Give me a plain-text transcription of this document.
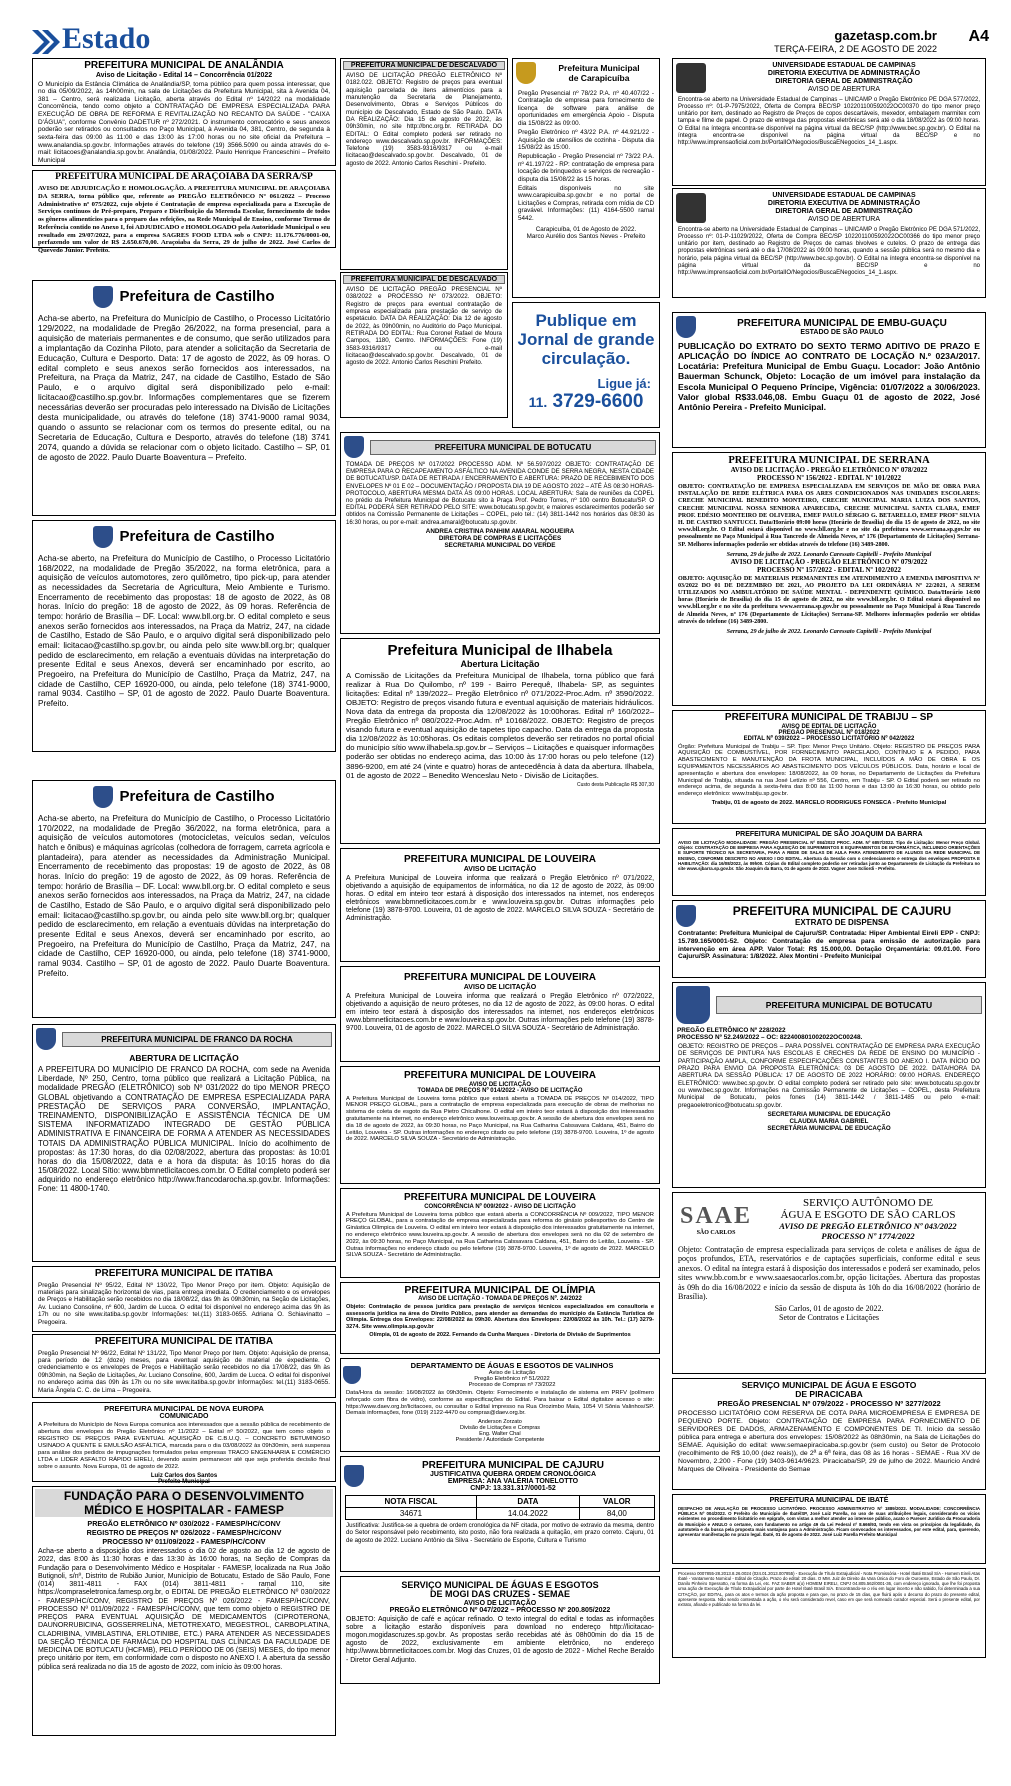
Estado	gazetasp.com.br
TERÇA-FEIRA, 2 DE AGOSTO DE 2022
A4
PREFEITURA MUNICIPAL DE ANALÂNDIA
Aviso de Licitação - Edital 14 – Concorrência 01/2022
O Município da Estância Climática de Analândia/SP, torna público para quem possa interessar, que no dia 05/09/2022, às 14h00min, na sala de Licitações da Prefeitura Municipal, sita à Avenida 04, 381 – Centro, será realizada Licitação, aberta através do Edital nº 14/2022 na modalidade Concorrência, tendo como objeto a CONTRATAÇÃO DE EMPRESA ESPECIALIZADA PARA EXECUÇÃO DE OBRA DE REFORMA E REVITALIZAÇÃO NO RECANTO DA SAÚDE - "CAIXA D'ÁGUA", conforme Convênio DADETUR nº 272/2021. O instrumento convocatório e seus anexos poderão ser retirados ou consultados no Paço Municipal, à Avenida 04, 381, Centro, de segunda à sexta-feira das 09:00 às 11:00 e das 13:00 às 17:00 horas ou no site oficial da Prefeitura – www.analandia.sp.gov.br. Informações através do telefone (19) 3566.5090 ou ainda através do e-mail: licitacoes@analandia.sp.gov.br. Analândia, 01/08/2022. Paulo Henrique Franceschini – Prefeito Municipal
PREFEITURA MUNICIPAL DE ARAÇOIABA DA SERRA/SP
AVISO DE ADJUDICAÇÃO E HOMOLOGAÇÃO. A PREFEITURA MUNICIPAL DE ARAÇOIABA DA SERRA, torna público que, referente ao PREGÃO ELETRÔNICO Nº 061/2022 – Processo Administrativo nº 075/2022, cujo objeto é Contratação de empresa especializada para a Execução de Serviços contínuos de Pré-preparo, Preparo e Distribuição da Merenda Escolar, fornecimento de todos os gêneros alimentícios para o preparo das refeições, na Rede Municipal de Ensino, conforme Termo de Referência contido no Anexo I, foi ADJUDICADO e HOMOLOGADO pela Autoridade Municipal o seu resultado em 29/07/2022, para a empresa SAGRES FOOD LTDA sob o CNPJ: 11.176.776/0001-00, perfazendo um valor de R$ 2.650.670,00. Araçoiaba da Serra, 29 de julho de 2022. José Carlos de Quevedo Júnior. Prefeito.
Prefeitura de Castilho
Acha-se aberto, na Prefeitura do Município de Castilho, o Processo Licitatório 129/2022, na modalidade de Pregão 26/2022, na forma presencial, para a aquisição de materiais permanentes e de consumo, que serão utilizados para a implantação da Cozinha Piloto, para atender a solicitação da Secretaria de Educação, Cultura e Desporto. Data: 17 de agosto de 2022, às 09 horas. O edital completo e seus anexos serão fornecidos aos interessados, na Prefeitura, na Praça da Matriz, 247, na cidade de Castilho, Estado de São Paulo, e o arquivo digital será disponibilizado pelo e-mail: licitacao@castilho.sp.gov.br. Informações complementares que se fizerem necessárias deverão ser procuradas pelo interessado na Divisão de Licitações desta municipalidade, ou através do telefone (18) 3741-9000 ramal 9034, quando o assunto se relacionar com os termos do presente edital, ou na Secretaria de Educação, Cultura e Desporto, através do telefone (18) 3741 2074, quando a dúvida se relacionar com o objeto licitado. Castilho – SP, 01 de agosto de 2022. Paulo Duarte Boaventura – Prefeito.
Prefeitura de Castilho
Acha-se aberto, na Prefeitura do Município de Castilho, o Processo Licitatório 168/2022, na modalidade de Pregão 35/2022, na forma eletrônica, para a aquisição de veículos automotores, zero quilômetro, tipo pick-up, para atender as necessidades da Secretaria de Agricultura, Meio Ambiente e Turismo. Encerramento de recebimento das propostas: 18 de agosto de 2022, às 08 horas. Início do pregão: 18 de agosto de 2022, às 09 horas. Referência de tempo: horário de Brasília – DF. Local: www.bll.org.br. O edital completo e seus anexos serão fornecidos aos interessados, na Praça da Matriz, 247, na cidade de Castilho, Estado de São Paulo, e o arquivo digital será disponibilizado pelo email: licitacao@castilho.sp.gov.br, ou ainda pelo site www.bll.org.br; qualquer pedido de esclarecimento, em relação a eventuais dúvidas na interpretação do presente Edital e seus Anexos, deverá ser encaminhado por escrito, ao Pregoeiro, na Prefeitura do Município de Castilho, Praça da Matriz, 247, na cidade de Castilho, CEP 16920-000, ou ainda, pelo telefone (18) 3741-9000, ramal 9034. Castilho – SP, 01 de agosto de 2022. Paulo Duarte Boaventura. Prefeito.
Prefeitura de Castilho
Acha-se aberto, na Prefeitura do Município de Castilho, o Processo Licitatório 170/2022, na modalidade de Pregão 36/2022, na forma eletrônica, para a aquisição de veículos automotores (motocicletas, veículos sedan, veículos hatch e ônibus) e máquinas agrícolas (colhedora de forragem, carreta agrícola e plantadeira), para atender as necessidades da Administração Municipal. Encerramento de recebimento das propostas: 19 de agosto de 2022, às 08 horas. Início do pregão: 19 de agosto de 2022, às 09 horas. Referência de tempo: horário de Brasília – DF. Local: www.bll.org.br. O edital completo e seus anexos serão fornecidos aos interessados, na Praça da Matriz, 247, na cidade de Castilho, Estado de São Paulo, e o arquivo digital será disponibilizado pelo email: licitacao@castilho.sp.gov.br, ou ainda pelo site www.bll.org.br; qualquer pedido de esclarecimento, em relação a eventuais dúvidas na interpretação do presente Edital e seus Anexos, deverá ser encaminhado por escrito, ao Pregoeiro, na Prefeitura do Município de Castilho, Praça da Matriz, 247, na cidade de Castilho, CEP 16920-000, ou ainda, pelo telefone (18) 3741-9000, ramal 9034. Castilho – SP, 01 de agosto de 2022. Paulo Duarte Boaventura. Prefeito.
PREFEITURA MUNICIPAL DE FRANCO DA ROCHA
ABERTURA DE LICITAÇÃO
A PREFEITURA DO MUNICÍPIO DE FRANCO DA ROCHA, com sede na Avenida Liberdade, Nº 250, Centro, torna público que realizará a Licitação Pública, na modalidade PREGÃO (ELETRÔNICO) sob Nº 031/2022 do tipo MENOR PREÇO GLOBAL objetivando a CONTRATAÇÃO DE EMPRESA ESPECIALIZADA PARA PRESTAÇÃO DE SERVIÇOS PARA CONVERSÃO, IMPLANTAÇÃO, TREINAMENTO, DISPONIBILIZAÇÃO E ASSISTÊNCIA TÉCNICA DE UM SISTEMA INFORMATIZADO INTEGRADO DE GESTÃO PÚBLICA ADMINISTRATIVA E FINANCEIRA DE FORMA A ATENDER AS NECESSIDADES TOTAIS DA ADMINISTRAÇÃO PÚBLICA MUNICIPAL. Início do acolhimento de propostas: às 17:30 horas, do dia 02/08/2022, abertura das propostas: às 10:01 horas do dia 15/08/2022, data e a hora da disputa: às 10:15 horas do dia 15/08/2022. Local Sítio: www.bbmnetlicitacoes.com.br. O Edital completo poderá ser adquirido no endereço eletrônico http://www.francodarocha.sp.gov.br. Informações: Fone: 11 4800-1740.
PREFEITURA MUNICIPAL DE ITATIBA
Pregão Presencial Nº 95/22, Edital Nº 130/22, Tipo Menor Preço por item. Objeto: Aquisição de materiais para sinalização horizontal de vias, para entrega imediata. O credenciamento e os envelopes de Preços e Habilitação serão recebidos no dia 18/08/22, das 9h às 09h30min, na Seção de Licitações, Av. Luciano Consoline, nº 600, Jardim de Lucca. O edital foi disponível no endereço acima das 9h às 17h ou no site www.itatiba.sp.gov.br Informações: tel.(11) 3183-0655. Adriana O. Schiavinatto – Pregoeira.
PREFEITURA MUNICIPAL DE ITATIBA
Pregão Presencial Nº 96/22, Edital Nº 131/22, Tipo Menor Preço por Item. Objeto: Aquisição de prensa, para período de 12 (doze) meses, para eventual aquisição de material de expediente. O credenciamento e os envelopes de Preços e Habilitação serão recebidos no dia 17/08/22, das 9h às 09h30min, na Seção de Licitações, Av. Luciano Consoline, 600, Jardim de Lucca. O edital foi disponível no endereço acima das 09h às 17h ou no site www.itatiba.sp.gov.br Informações: tel.(11) 3183-0655. Maria Ângela C. C. de Lima – Pregoeira.
PREFEITURA MUNICIPAL DE NOVA EUROPA
COMUNICADO
A Prefeitura do Município de Nova Europa comunica aos interessados que a sessão pública de recebimento de abertura dos envelopes do Pregão Eletrônico nº 11/2022 – Edital nº 50/2022, que tem como objeto o REGISTRO DE PREÇOS PARA EVENTUAL AQUISIÇÃO DE C.B.U.Q. – CONCRETO BETUMINOSO USINADO A QUENTE E EMULSÃO ASFÁLTICA, marcada para o dia 03/08/2022 às 09h30min, será suspensa para análise dos pedidos de impugnações formulados pelas empresas TRACO ENGENHARIA E COMÉRCIO LTDA e LIDER ASFALTO RÁPIDO EIRELI, devendo assim permanecer até que seja proferida decisão final sobre o assunto. Nova Europa, 01 de agosto de 2022.
Luiz Carlos dos Santos
Prefeito Municipal
FUNDAÇÃO PARA O DESENVOLVIMENTO
MÉDICO E HOSPITALAR - FAMESP
PREGÃO ELETRÔNICO Nº 030/2022 - FAMESP/HC/CONV
REGISTRO DE PREÇOS Nº 026/2022 - FAMESP/HC/CONV
PROCESSO Nº 011/09/2022 - FAMESP/HC/CONV
Acha-se aberto a disposição dos interessados o dia 02 de agosto ao dia 12 de agosto de 2022, das 8:00 às 11:30 horas e das 13:30 às 16:00 horas, na Seção de Compras da Fundação para o Desenvolvimento Médico e Hospitalar - FAMESP, localizada na Rua João Butignoli, s/nº, Distrito de Rubião Junior, Município de Botucatu, Estado de São Paulo, Fone (014) 3811-4811 - FAX (014) 3811-4811 - ramal 110, site https://compraseletronica.famesp.org.br, o EDITAL DE PREGÃO ELETRÔNICO Nº 030/2022 - FAMESP/HC/CONV, REGISTRO DE PREÇOS Nº 026/2022 - FAMESP/HC/CONV, PROCESSO Nº 011/09/2022 - FAMESP/HC/CONV, que tem como objeto o REGISTRO DE PREÇOS PARA EVENTUAL AQUISIÇÃO DE MEDICAMENTOS (CIPROTERONA, DAUNORRUBICINA, GOSSERRELINA, METOTREXATO, MEGESTROL, CARBOPLATINA, CLADRIBINA, VIMBLASTINA, ERLOTINIBE, ETC.) PARA ATENDER AS NECESSIDADES DA SEÇÃO TÉCNICA DE FARMÁCIA DO HOSPITAL DAS CLÍNICAS DA FACULDADE DE MEDICINA DE BOTUCATU (HCFMB), PELO PERÍODO DE 06 (SEIS) MESES, do tipo menor preço unitário por item, em conformidade com o disposto no ANEXO I. A abertura da sessão pública será realizada no dia 15 de agosto de 2022, com início às 09:00 horas.
PREFEITURA MUNICIPAL DE DESCALVADO
AVISO DE LICITAÇÃO PREGÃO ELETRÔNICO Nº 0182.022. OBJETO: Registro de preços para eventual aquisição parcelada de itens alimentícios para a manutenção da Secretaria de Planejamento, Desenvolvimento, Obras e Serviços Públicos do município de Descalvado, Estado de São Paulo. DATA DA REALIZAÇÃO: Dia 15 de agosto de 2022, às 09h30min, no site http://bnc.org.br. RETIRADA DO EDITAL: O Edital completo poderá ser retirado no endereço www.descalvado.sp.gov.br. INFORMAÇÕES: Telefone (19) 3583-9316/9317 ou e-mail licitacao@descalvado.sp.gov.br. Descalvado, 01 de agosto de 2022. Antonio Carlos Reschini - Prefeito.
PREFEITURA MUNICIPAL DE DESCALVADO
AVISO DE LICITAÇÃO PREGÃO PRESENCIAL Nº 038/2022 e PROCESSO Nº 073/2022. OBJETO: Registro de preços para eventual contratação de empresa especializada para prestação de serviço de espetáculo. DATA DA REALIZAÇÃO: Dia 12 de agosto de 2022, às 09h00min, no Auditório do Paço Municipal. RETIRADA DO EDITAL: Rua Coronel Rafael de Moura Campos, 1180, Centro. INFORMAÇÕES: Fone (19) 3583-9316/9317 ou e-mail licitacao@descalvado.sp.gov.br. Descalvado, 01 de agosto de 2022. Antonio Carlos Reschini Prefeito.
Prefeitura Municipal
de Carapicuíba
Pregão Presencial nº 78/22 P.A. nº 40.407/22 - Contratação de empresa para fornecimento de licença de software para análise de oportunidades em emergência Apoio - Disputa dia 15/08/22 às 09:00.
Pregão Eletrônico nº 43/22 P.A. nº 44.921/22 - Aquisição de utensílios de cozinha - Disputa dia 15/08/22 às 15:00.
Republicação - Pregão Presencial nº 73/22 P.A. nº 41.197/22 - RP: contratação de empresa para locação de brinquedos e serviços de recreação - disputa dia 15/08/22 às 15 horas.
Editais disponíveis no site www.carapicuiba.sp.gov.br e no portal de Licitações e Compras, retirada com mídia de CD gravável. Informações: (11) 4164-5500 ramal 5442.
Carapicuíba, 01 de Agosto de 2022.
Marco Aurélio dos Santos Neves - Prefeito
Publique em
Jornal de grande
circulação.
Ligue já:
11. 3729-6600
PREFEITURA MUNICIPAL DE BOTUCATU
TOMADA DE PREÇOS Nº 017/2022 PROCESSO ADM. Nº 56.597/2022 OBJETO: CONTRATAÇÃO DE EMPRESA PARA O RECAPEAMENTO ASFÁLTICO NA AVENIDA CONDE DE SERRA NEGRA, NESTA CIDADE DE BOTUCATU/SP. DATA DE RETIRADA / ENCERRAMENTO E ABERTURA: PRAZO DE RECEBIMENTO DOS ENVELOPES Nº 01 E 02 – DOCUMENTAÇÃO / PROPOSTA DIA 19 DE AGOSTO 2022 – ATÉ ÀS 08:30 HORAS-PROTOCOLO, ABERTURA MESMA DATA ÀS 09:00 HORAS. LOCAL ABERTURA: Sala de reuniões da COPEL no prédio da Prefeitura Municipal de Botucatu sito à Praça Prof. Pedro Torres, nº 100 centro Botucatu/SP. O EDITAL PODERÁ SER RETIRADO PELO SITE: www.botucatu.sp.gov.br, e maiores esclarecimentos poderão ser obtidos na Comissão Permanente de Licitações – COPEL, pelo tel.: (14) 3811-1442 nos horários das 08:30 às 16:30 horas, ou por e-mail: andrea.amaral@botucatu.sp.gov.br.
ANDREA CRISTINA PANHIM AMARAL NOGUEIRA
DIRETORA DE COMPRAS E LICITAÇÕES
SECRETARIA MUNICIPAL DO VERDE
Prefeitura Municipal de Ilhabela
Abertura Licitação
A Comissão de Licitações da Prefeitura Municipal de Ilhabela, torna público que fará realizar à Rua Do Quilombo, nº 199 - Bairro Perequê, Ilhabela- SP, as seguintes licitações: Edital nº 139/2022– Pregão Eletrônico nº 071/2022-Proc.Adm. nº 3590/2022. OBJETO: Registro de preços visando futura e eventual aquisição de materiais hidráulicos. Nova data da entrega da proposta dia 12/08/2022 às 10:00horas. Edital nº 160/2022– Pregão Eletrônico nº 080/2022-Proc.Adm. nº 10168/2022. OBJETO: Registro de preços visando futura e eventual aquisição de tapetes tipo capacho. Data da entrega da proposta dia 12/08/2022 às 10:05horas. Os editais completos deverão ser retirados no portal oficial do município sítio www.ilhabela.sp.gov.br – Serviços – Licitações e quaisquer informações poderão ser obtidas no endereço acima, das 10:00 às 17:00 horas ou pelo telefone (12) 3896-9200, em até 24 (vinte e quatro) horas de antecedência à data da abertura. Ilhabela, 01 de agosto de 2022 – Benedito Wenceslau Neto - Divisão de Licitações.
Custo desta Publicação R$ 307,30
PREFEITURA MUNICIPAL DE LOUVEIRA
AVISO DE LICITAÇÃO
A Prefeitura Municipal de Louveira informa que realizará o Pregão Eletrônico nº 071/2022, objetivando a aquisição de equipamentos de informática, no dia 12 de agosto de 2022, às 09:00 horas. O edital em inteiro teor estará à disposição dos interessados na internet, nos endereços eletrônicos www.bbmnetlicitacoes.com.br e www.louveira.sp.gov.br. Outras informações pelo telefone (19) 3878-9700. Louveira, 01 de agosto de 2022. MARCELO SILVA SOUZA - Secretário de Administração.
PREFEITURA MUNICIPAL DE LOUVEIRA
AVISO DE LICITAÇÃO
A Prefeitura Municipal de Louveira informa que realizará o Pregão Eletrônico nº 072/2022, objetivando a aquisição de neuro próteses, no dia 12 de agosto de 2022, às 09:00 horas. O edital em inteiro teor estará à disposição dos interessados na internet, nos endereços eletrônicos www.bbmnetlicitacoes.com.br e www.louveira.sp.gov.br. Outras informações pelo telefone (19) 3878-9700. Louveira, 01 de agosto de 2022. MARCELO SILVA SOUZA - Secretário de Administração.
PREFEITURA MUNICIPAL DE LOUVEIRA
AVISO DE LICITAÇÃO
TOMADA DE PREÇOS Nº 014/2022 - AVISO DE LICITAÇÃO
A Prefeitura Municipal de Louveira torna público que estará aberta a TOMADA DE PREÇOS Nº 014/2022, TIPO MENOR PREÇO GLOBAL, para a contratação de empresa especializada para execução de obras de melhorias no sistema de coleta de esgoto da Rua Pietro Chicalhone. O edital em inteiro teor estará à disposição dos interessados gratuitamente na internet, no endereço eletrônico www.louveira.sp.gov.br. A sessão de abertura dos envelopes será no dia 18 de agosto de 2022, às 09:30 horas, no Paço Municipal, na Rua Catharina Calssavara Caldana, 451, Bairro do Leitão, Louveira - SP. Outras informações no endereço citado ou pelo telefone (19) 3878-9700. Louveira, 1º de agosto de 2022. MARCELO SILVA SOUZA - Secretário de Administração.
PREFEITURA MUNICIPAL DE LOUVEIRA
CONCORRÊNCIA Nº 009/2022 - AVISO DE LICITAÇÃO
A Prefeitura Municipal de Louveira torna público que estará aberta a CONCORRÊNCIA Nº 009/2022, TIPO MENOR PREÇO GLOBAL, para a contratação de empresa especializada para reforma do ginásio poliesportivo do Centro de Ginástica Olímpica de Louveira. O edital em inteiro teor estará à disposição dos interessados gratuitamente na internet, no endereço eletrônico www.louveira.sp.gov.br. A sessão de abertura dos envelopes será no dia 02 de setembro de 2022, às 09:30 horas, no Paço Municipal, na Rua Catharina Calssavara Caldana, 451, Bairro do Leitão, Louveira - SP. Outras informações no endereço citado ou pelo telefone (19) 3878-9700. Louveira, 1º de agosto de 2022. MARCELO SILVA SOUZA - Secretário de Administração.
PREFEITURA MUNICIPAL DE OLÍMPIA
AVISO DE LICITAÇÃO - TOMADA DE PREÇOS Nº. 24/2022
Objeto: Contratação de pessoa jurídica para prestação de serviços técnicos especializados em consultoria e assessoria jurídica na área do Direito Público, para atender as demandas do município da Estância Turística de Olímpia. Entrega dos Envelopes: 22/08/2022 às 09h30. Abertura dos Envelopes: 22/08/2022 às 10h. Tel.: (17) 3279-3274. Site www.olimpia.sp.gov.br
Olímpia, 01 de agosto de 2022. Fernando da Cunha Marques - Diretoria de Divisão de Suprimentos
DEPARTAMENTO DE ÁGUAS E ESGOTOS DE VALINHOS
Aviso de Licitação
Pregão Eletrônico nº 51/2022
Processo de Compras nº 73/2022
Data/Hora da sessão: 16/08/2022 às 09h30min. Objeto: Fornecimento e instalação de sistema em PRFV (polímero reforçado com fibra de vidro), conforme as especificações do Edital. Para baixar o Edital digitalize acesso o site: https://www.daev.org.br/licitacoes, ou consultar o Edital impresso na Rua Orozimbo Maia, 1054 Vl Sônia Valinhos/SP. Demais informações, fone (019) 2122-4470 ou compras@daev.org.br.
Anderson Zorzato
Divisão de Licitações e Compras
Eng. Walter Chaí
Presidente / Autoridade Competente
PREFEITURA MUNICIPAL DE CAJURU
JUSTIFICATIVA QUEBRA ORDEM CRONOLÓGICA
EMPRESA: ANA VALÉRIA TONELOTTO
CNPJ: 13.331.317/0001-52
NOTA FISCAL	DATA	VALOR
34671	14.04.2022	84,00
Justificativa: Justifica-se a quebra de ordem cronológica da NF citada, por motivo de extravio da mesma, dentro do Setor responsável pelo recebimento, isto posto, não fora realizada a quitação, em prazo correto. Cajuru, 01 de agosto de 2022. Luciano Antônio da Silva - Secretário de Esporte, Cultura e Turismo
SERVIÇO MUNICIPAL DE ÁGUAS E ESGOTOS
DE MOGI DAS CRUZES - SEMAE
AVISO DE LICITAÇÃO
PREGÃO ELETRÔNICO Nº 047/2022 – PROCESSO Nº 200.805/2022
OBJETO: Aquisição de café e açúcar refinado. O texto integral do edital e todas as informações sobre a licitação estarão disponíveis para download no endereço http://licitacao-mogon.mogidascruzes.sp.gov.br. As propostas serão recebidas até às 08h00min do dia 15 de agosto de 2022, exclusivamente em ambiente eletrônico, no endereço http://www.bbmnetlicitacoes.com.br. Mogi das Cruzes, 01 de agosto de 2022 - Michel Reche Beraldo - Diretor Geral Adjunto.
UNIVERSIDADE ESTADUAL DE CAMPINAS
DIRETORIA EXECUTIVA DE ADMINISTRAÇÃO
DIRETORIA GERAL DE ADMINISTRAÇÃO
AVISO DE ABERTURA
Encontra-se aberto na Universidade Estadual de Campinas – UNICAMP o Pregão Eletrônico PE DGA 577/2022, Processo nº: 01-P-7975/2022, Oferta de Compra BEC/SP 102201100592022OC00370 do tipo menor preço unitário por item, destinado ao Registro de Preços de copos descartáveis, mexedor, embalagem marmitex com tampa e filme de papel. O prazo de entrega das propostas eletrônicas será até o dia 18/08/2022 às 09:00 horas. O Edital na íntegra encontra-se disponível na página virtual da BEC/SP (http://www.bec.sp.gov.br). O Edital na íntegra encontra-se disponível na página virtual da BEC/SP e no http://www.imprensaoficial.com.br/PortalIO/Negocios/BuscaENegocios_14_1.aspx.
UNIVERSIDADE ESTADUAL DE CAMPINAS
DIRETORIA EXECUTIVA DE ADMINISTRAÇÃO
DIRETORIA GERAL DE ADMINISTRAÇÃO
AVISO DE ABERTURA
Encontra-se aberto na Universidade Estadual de Campinas – UNICAMP o Pregão Eletrônico PE DGA 571/2022, Processo nº: 01-P-11029/2022, Oferta de Compra BEC/SP 102201100592022OC00366 do tipo menor preço unitário por item, destinado ao Registro de Preços de camas bivolves e cutelos. O prazo de entrega das propostas eletrônicas será até o dia 17/08/2022 às 09:00 horas, quando a sessão pública será no mesmo dia e horário, pela página virtual da BEC/SP (http://www.bec.sp.gov.br). O Edital na íntegra encontra-se disponível na página virtual da BEC/SP e no http://www.imprensaoficial.com.br/PortalIO/Negocios/BuscaENegocios_14_1.aspx.
PREFEITURA MUNICIPAL DE EMBU-GUAÇU
ESTADO DE SÃO PAULO
PUBLICAÇÃO DO EXTRATO DO SEXTO TERMO ADITIVO DE PRAZO E APLICAÇÃO DO ÍNDICE AO CONTRATO DE LOCAÇÃO N.º 023A/2017. Locatária: Prefeitura Municipal de Embu Guaçu. Locador: João Antônio Bauerman Schunck, Objeto: Locação de um imóvel para instalação da Escola Municipal O Pequeno Príncipe, Vigência: 01/07/2022 a 30/06/2023. Valor global R$33.046,08. Embu Guaçu 01 de agosto de 2022, José Antônio Pereira - Prefeito Municipal.
PREFEITURA MUNICIPAL DE SERRANA
AVISO DE LICITAÇÃO - PREGÃO ELETRÔNICO Nº 078/2022
PROCESSO Nº 156/2022 - EDITAL Nº 101/2022
OBJETO: CONTRATAÇÃO DE EMPRESA ESPECIALIZADA EM SERVIÇOS DE MÃO DE OBRA PARA INSTALAÇÃO DE REDE ELÉTRICA PARA OS ARES CONDICIONADOS NAS UNIDADES ESCOLARES: CRECHE MUNICIPAL BENEDITO MONTEIRO, CRECHE MUNICIPAL MARIA LUIZA DOS SANTOS, CRECHE MUNICIPAL NOSSA SENHORA APARECIDA, CRECHE MUNICIPAL SANTA CLARA, EMEF PROF. EDÉSIO MONTEIRO DE OLIVEIRA, EMEF PAULO SÉRGIO G. BETARELLO, EMEF PROFª SILVIA H. DE CASTRO SANTUCCI. Data/Horário 09:00 horas (Horário de Brasília) do dia 15 de agosto de 2022, no site www.bll.org.br. O Edital estará disponível no www.bll.org.br e no site da prefeitura www.serrana.sp.gov.br ou pessoalmente no Paço Municipal à Rua Tancredo de Almeida Neves, nº 176 (Departamento de Licitações) Serrana-SP. Melhores informações poderão ser obtidas através do telefone (16) 3489-2800.
Serrana, 29 de julho de 2022. Leonardo Caressato Capitelli - Prefeito Municipal
AVISO DE LICITAÇÃO - PREGÃO ELETRÔNICO Nº 079/2022
PROCESSO Nº 157/2022 - EDITAL Nº 102/2022
OBJETO: AQUISIÇÃO DE MATERIAIS PERMANENTES EM ATENDIMENTO A EMENDA IMPOSITIVA Nº 03/2022 DO 01 DE DEZEMBRO DE 2021, AO PROJETO DA LEI ORDINÁRIA Nº 22/2021, A SEREM UTILIZADOS NO AMBULATÓRIO DE SAÚDE MENTAL - DEPENDENTE QUÍMICO. Data/Horário 14:00 horas (Horário de Brasília) do dia 15 de agosto de 2022, no site www.bll.org.br. O Edital estará disponível no www.bll.org.br e no site da prefeitura www.serrana.sp.gov.br ou pessoalmente no Paço Municipal à Rua Tancredo de Almeida Neves, nº 176 (Departamento de Licitações) Serrana-SP. Melhores informações poderão ser obtidas através do telefone (16) 3489-2800.
Serrana, 29 de julho de 2022. Leonardo Caressato Capitelli - Prefeito Municipal
PREFEITURA MUNICIPAL DE TRABIJU – SP
AVISO DE EDITAL DE LICITAÇÃO
PREGÃO PRESENCIAL Nº 018/2022
EDITAL Nº 039/2022 – PROCESSO LICITATÓRIO Nº 042/2022
Órgão: Prefeitura Municipal de Trabiju – SP. Tipo: Menor Preço Unitário. Objeto: REGISTRO DE PREÇOS PARA AQUISIÇÃO DE COMBUSTÍVEL, POR FORNECIMENTO PARCELADO, CONTÍNUO E A PEDIDO, PARA ABASTECIMENTO E MANUTENÇÃO DA FROTA MUNICIPAL, INCLUÍDOS A MÃO DE OBRA E OS EQUIPAMENTOS NECESSÁRIOS AO ABASTECIMENTO DOS VEÍCULOS PÚBLICOS. Data, horário e local de apresentação e abertura dos envelopes: 18/08/2022, às 09 horas, no Departamento de Licitações da Prefeitura Municipal de Trabiju, situada na rua José Letízio nº 556, Centro, em Trabiju - SP. O Edital poderá ser retirado no endereço acima, de segunda à sexta-feira das 8:00 às 11:00 horas e das 13:00 às 16:30 horas, ou obtido pelo endereço eletrônico: www.trabiju.sp.gov.br.
Trabiju, 01 de agosto de 2022. MARCELO RODRIGUES FONSECA - Prefeito Municipal
PREFEITURA MUNICIPAL DE SÃO JOAQUIM DA BARRA
AVISO DE LICITAÇÃO MODALIDADE: PREGÃO PRESENCIAL Nº 084/2022 PROC. ADM. Nº 6857/2022. Tipo de Licitação: Menor Preço Global. Objeto: CONTRATAÇÃO DE EMPRESA PARA AQUISIÇÃO DE SUPRIMENTOS E EQUIPAMENTOS DE INFORMÁTICA, INCLUINDO ORIENTAÇÕES E SUPORTE TÉCNICO NA SECRETARIA, PARA A REDE DE SALAS DE AULA PARA ATENDIMENTO DE ALUNOS DA REDE MUNICIPAL DE ENSINO, CONFORME DESCRITO NO ANEXO I DO EDITAL. Abertura da Sessão com o credenciamento e entrega dos envelopes PROPOSTA E HABILITAÇÃO: dia 16/08/2022, às 09h00. Cópias do Edital completo poderão ser retiradas junto ao Departamento de Licitação da Prefeitura no site www.sjbarra.sp.gov.br. São Joaquim da Barra, 01 de agosto de 2022. Vagner Jose Scliordi - Prefeito.
PREFEITURA MUNICIPAL DE CAJURU
EXTRATO DE DISPENSA
Contratante: Prefeitura Municipal de Cajuru/SP. Contratada: Hiper Ambiental Eireli EPP - CNPJ: 15.789.165/0001-52. Objeto: Contratação de empresa para emissão de autorização para intervenção em área APP. Valor Total: R$ 15.000,00. Dotação Orçamentária: 09.01.00. Foro Cajuru/SP. Assinatura: 1/8/2022. Alex Montini - Prefeito Municipal
PREFEITURA MUNICIPAL DE BOTUCATU
PREGÃO ELETRÔNICO Nº 228/2022
PROCESSO Nº 52.249/2022 – OC: 822400801002022OC00248.
OBJETO: REGISTRO DE PREÇOS – PARA POSSÍVEL CONTRATAÇÃO DE EMPRESA PARA EXECUÇÃO DE SERVIÇOS DE PINTURA NAS ESCOLAS E CRECHES DA REDE DE ENSINO DO MUNICÍPIO - PARTICIPAÇÃO AMPLA, CONFORME ESPECIFICAÇÕES CONSTANTES DO ANEXO I. DATA INÍCIO DO PRAZO PARA ENVIO DA PROPOSTA ELETRÔNICA: 03 DE AGOSTO DE 2022. DATA/HORA DA ABERTURA DA SESSÃO PÚBLICA: 17 DE AGOSTO DE 2022 HORÁRIO: 09:00 HORAS. ENDEREÇO ELETRÔNICO: www.bec.sp.gov.br. O edital completo poderá ser retirado pelo site: www.botucatu.sp.gov.br ou www.bec.sp.gov.br. Informações na Comissão Permanente de Licitações – COPEL, desta Prefeitura Municipal de Botucatu, pelos fones (14) 3811-1442 / 3811-1485 ou pelo e-mail: pregaoeletronico@botucatu.sp.gov.br.
SECRETARIA MUNICIPAL DE EDUCAÇÃO
CLAUDIA MARIA GABRIEL
SECRETÁRIA MUNICIPAL DE EDUCAÇÃO
SAAE
SÃO CARLOS
SERVIÇO AUTÔNOMO DE
ÁGUA E ESGOTO DE SÃO CARLOS
AVISO DE PREGÃO ELETRÔNICO Nº 043/2022
PROCESSO Nº 1774/2022
Objeto: Contratação de empresa especializada para serviços de coleta e análises de água de poços profundos, ETA, reservatórios e de captações superficiais, conforme edital e seus anexos. O edital na íntegra estará à disposição dos interessados e poderá ser examinado, pelos sites www.bb.com.br e www.saaesaocarlos.com.br, opção licitações. Abertura das propostas às 09h do dia 16/08/2022 e início da sessão de disputa às 10h do dia 16/08/2022 (horário de Brasília).
São Carlos, 01 de agosto de 2022.
Setor de Contratos e Licitações
SERVIÇO MUNICIPAL DE ÁGUA E ESGOTO
DE PIRACICABA
PREGÃO PRESENCIAL Nº 079/2022 - PROCESSO Nº 3277/2022
PROCESSO LICITATÓRIO COM RESERVA DE COTA PARA MICROEMPRESA E EMPRESA DE PEQUENO PORTE. Objeto: CONTRATAÇÃO DE EMPRESA PARA FORNECIMENTO DE SERVIDORES DE DADOS, ARMAZENAMENTO E COMPONENTES DE TI. Início da sessão pública para entrega e abertura dos envelopes: 15/08/2022 às 08h30min, na Sala de Licitações do SEMAE. Aquisição do edital: www.semaepiracicaba.sp.gov.br (sem custo) ou Setor de Protocolo (recolhimento de R$ 10,00 (dez reais)), de 2ª a 6ª feira, das 08 às 16 horas - SEMAE - Rua XV de Novembro, 2.200 - Fone (19) 3403-9614/9623. Piracicaba/SP, 29 de julho de 2022. Mauricio André Marques de Oliveira - Presidente do Semae
PREFEITURA MUNICIPAL DE IBATÉ
DESPACHO DE ANULAÇÃO DE PROCESSO LICITATÓRIO. PROCESSO ADMINISTRATIVO Nº 1889/2022. MODALIDADE: CONCORRÊNCIA PÚBLICA Nº 004/2022. O Prefeito do Município de Ibaté/SP, José Luiz Parella, no uso de suas atribuições legais, considerando os vícios existentes no procedimento licitatório em epígrafe, com vistas a melhor atender ao interesse público, acato o Parecer Jurídico da Procuradoria do Município e ANULO o certame, com fundamento no artigo 49 da Lei Federal nº 8.666/93, tendo em vista os princípios da legalidade, da autotutela e da busca pela proposta mais vantajosa para a Administração. Ficam convocados os interessados, por este edital, para, querendo, apresentar manifestação no prazo legal. Ibaté, 01 de agosto de 2022. José Luiz Parella Prefeito Municipal
Processo 0007855-28.2013.8.26.0024 (024.01.2013.007855) - Execução de Título Extrajudicial - Nota Promissória - Hotel Ibaté Brasil S/A - Homem Eireli Atas Ibaté - Vantamento Nomicul - Edital de Citação. Prazo do edital: 20 dias. O MM. Juiz de Direito da Vara Única do Foro de Ouroeste, Estado de São Paulo, Dr. Danilo Pinheiro Spessotto, na forma da Lei, etc. FAZ SABER a(o) HOMEM EIRELI, CNPJ 04.805.562/0001-36, com endereço ignorado, que lhe foi proposta uma ação de Execução de Título Extrajudicial por parte de Hotel Ibaté Brasil S/A. Encontrando-se o réu em lugar incerto e não sabido, foi determinada a sua CITAÇÃO, por EDITAL, para os atos e termos da ação proposta e para que, no prazo de 15 dias, que fluirá após o decurso do prazo do presente edital, apresente resposta. Não sendo contestada a ação, o réu será considerado revel, caso em que será nomeado curador especial. Será o presente edital, por extrato, afixado e publicado na forma da lei.
